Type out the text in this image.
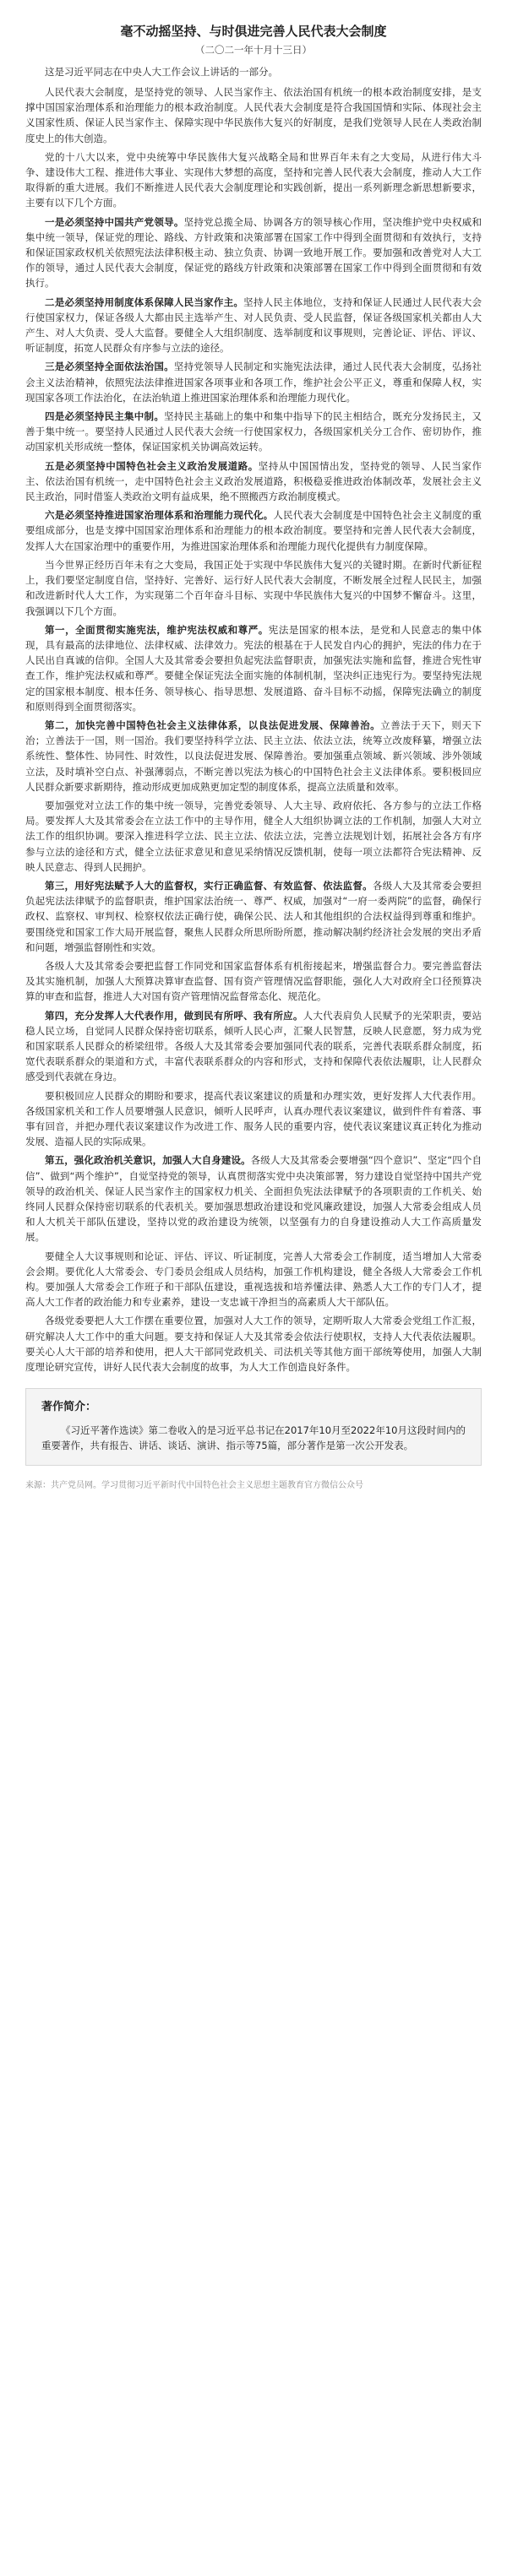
毫不动摇坚持、与时俱进完善人民代表大会制度
（二〇二一年十月十三日）

这是习近平同志在中央人大工作会议上讲话的一部分。

人民代表大会制度，是坚持党的领导、人民当家作主、依法治国有机统一的根本政治制度安排，是支撑中国国家治理体系和治理能力的根本政治制度。人民代表大会制度是符合我国国情和实际、体现社会主义国家性质、保证人民当家作主、保障实现中华民族伟大复兴的好制度，是我们党领导人民在人类政治制度史上的伟大创造。

党的十八大以来，党中央统筹中华民族伟大复兴战略全局和世界百年未有之大变局，从进行伟大斗争、建设伟大工程、推进伟大事业、实现伟大梦想的高度，坚持和完善人民代表大会制度，推动人大工作取得新的重大进展。我们不断推进人民代表大会制度理论和实践创新，提出一系列新理念新思想新要求，主要有以下几个方面。

一是必须坚持中国共产党领导。坚持党总揽全局、协调各方的领导核心作用，坚决维护党中央权威和集中统一领导，保证党的理论、路线、方针政策和决策部署在国家工作中得到全面贯彻和有效执行，支持和保证国家政权机关依照宪法法律积极主动、独立负责、协调一致地开展工作。要加强和改善党对人大工作的领导，通过人民代表大会制度，保证党的路线方针政策和决策部署在国家工作中得到全面贯彻和有效执行。

二是必须坚持用制度体系保障人民当家作主。坚持人民主体地位，支持和保证人民通过人民代表大会行使国家权力，保证各级人大都由民主选举产生、对人民负责、受人民监督，保证各级国家机关都由人大产生、对人大负责、受人大监督。要健全人大组织制度、选举制度和议事规则，完善论证、评估、评议、听证制度，拓宽人民群众有序参与立法的途径。

三是必须坚持全面依法治国。坚持党领导人民制定和实施宪法法律，通过人民代表大会制度，弘扬社会主义法治精神，依照宪法法律推进国家各项事业和各项工作，维护社会公平正义，尊重和保障人权，实现国家各项工作法治化，在法治轨道上推进国家治理体系和治理能力现代化。

四是必须坚持民主集中制。坚持民主基础上的集中和集中指导下的民主相结合，既充分发扬民主，又善于集中统一。要坚持人民通过人民代表大会统一行使国家权力，各级国家机关分工合作、密切协作，推动国家机关形成统一整体，保证国家机关协调高效运转。

五是必须坚持中国特色社会主义政治发展道路。坚持从中国国情出发，坚持党的领导、人民当家作主、依法治国有机统一，走中国特色社会主义政治发展道路，积极稳妥推进政治体制改革，发展社会主义民主政治，同时借鉴人类政治文明有益成果，绝不照搬西方政治制度模式。

六是必须坚持推进国家治理体系和治理能力现代化。人民代表大会制度是中国特色社会主义制度的重要组成部分，也是支撑中国国家治理体系和治理能力的根本政治制度。要坚持和完善人民代表大会制度，发挥人大在国家治理中的重要作用，为推进国家治理体系和治理能力现代化提供有力制度保障。

当今世界正经历百年未有之大变局，我国正处于实现中华民族伟大复兴的关键时期。在新时代新征程上，我们要坚定制度自信，坚持好、完善好、运行好人民代表大会制度，不断发展全过程人民民主，加强和改进新时代人大工作，为实现第二个百年奋斗目标、实现中华民族伟大复兴的中国梦不懈奋斗。这里，我强调以下几个方面。

第一，全面贯彻实施宪法，维护宪法权威和尊严。宪法是国家的根本法，是党和人民意志的集中体现，具有最高的法律地位、法律权威、法律效力。宪法的根基在于人民发自内心的拥护，宪法的伟力在于人民出自真诚的信仰。全国人大及其常委会要担负起宪法监督职责，加强宪法实施和监督，推进合宪性审查工作，维护宪法权威和尊严。要健全保证宪法全面实施的体制机制，坚决纠正违宪行为。要坚持宪法规定的国家根本制度、根本任务、领导核心、指导思想、发展道路、奋斗目标不动摇，保障宪法确立的制度和原则得到全面贯彻落实。

第二，加快完善中国特色社会主义法律体系，以良法促进发展、保障善治。立善法于天下，则天下治；立善法于一国，则一国治。我们要坚持科学立法、民主立法、依法立法，统筹立改废释纂，增强立法系统性、整体性、协同性、时效性，以良法促进发展、保障善治。要加强重点领域、新兴领域、涉外领域立法，及时填补空白点、补强薄弱点，不断完善以宪法为核心的中国特色社会主义法律体系。要积极回应人民群众新要求新期待，推动形成更加成熟更加定型的制度体系，提高立法质量和效率。

要加强党对立法工作的集中统一领导，完善党委领导、人大主导、政府依托、各方参与的立法工作格局。要发挥人大及其常委会在立法工作中的主导作用，健全人大组织协调立法的工作机制，加强人大对立法工作的组织协调。要深入推进科学立法、民主立法、依法立法，完善立法规划计划，拓展社会各方有序参与立法的途径和方式，健全立法征求意见和意见采纳情况反馈机制，使每一项立法都符合宪法精神、反映人民意志、得到人民拥护。

第三，用好宪法赋予人大的监督权，实行正确监督、有效监督、依法监督。各级人大及其常委会要担负起宪法法律赋予的监督职责，维护国家法治统一、尊严、权威，加强对“一府一委两院”的监督，确保行政权、监察权、审判权、检察权依法正确行使，确保公民、法人和其他组织的合法权益得到尊重和维护。要围绕党和国家工作大局开展监督，聚焦人民群众所思所盼所愿，推动解决制约经济社会发展的突出矛盾和问题，增强监督刚性和实效。

各级人大及其常委会要把监督工作同党和国家监督体系有机衔接起来，增强监督合力。要完善监督法及其实施机制，加强人大预算决算审查监督、国有资产管理情况监督职能，强化人大对政府全口径预算决算的审查和监督，推进人大对国有资产管理情况监督常态化、规范化。

第四，充分发挥人大代表作用，做到民有所呼、我有所应。人大代表肩负人民赋予的光荣职责，要站稳人民立场，自觉同人民群众保持密切联系，倾听人民心声，汇聚人民智慧，反映人民意愿，努力成为党和国家联系人民群众的桥梁纽带。各级人大及其常委会要加强同代表的联系，完善代表联系群众制度，拓宽代表联系群众的渠道和方式，丰富代表联系群众的内容和形式，支持和保障代表依法履职，让人民群众感受到代表就在身边。

要积极回应人民群众的期盼和要求，提高代表议案建议的质量和办理实效，更好发挥人大代表作用。各级国家机关和工作人员要增强人民意识，倾听人民呼声，认真办理代表议案建议，做到件件有着落、事事有回音，并把办理代表议案建议作为改进工作、服务人民的重要内容，使代表议案建议真正转化为推动发展、造福人民的实际成果。

第五，强化政治机关意识，加强人大自身建设。各级人大及其常委会要增强“四个意识”、坚定“四个自信”、做到“两个维护”，自觉坚持党的领导，认真贯彻落实党中央决策部署，努力建设自觉坚持中国共产党领导的政治机关、保证人民当家作主的国家权力机关、全面担负宪法法律赋予的各项职责的工作机关、始终同人民群众保持密切联系的代表机关。要加强思想政治建设和党风廉政建设，加强人大常委会组成人员和人大机关干部队伍建设，坚持以党的政治建设为统领，以坚强有力的自身建设推动人大工作高质量发展。

要健全人大议事规则和论证、评估、评议、听证制度，完善人大常委会工作制度，适当增加人大常委会会期。要优化人大常委会、专门委员会组成人员结构，加强工作机构建设，健全各级人大常委会工作机构。要加强人大常委会工作班子和干部队伍建设，重视选拔和培养懂法律、熟悉人大工作的专门人才，提高人大工作者的政治能力和专业素养，建设一支忠诚干净担当的高素质人大干部队伍。

各级党委要把人大工作摆在重要位置，加强对人大工作的领导，定期听取人大常委会党组工作汇报，研究解决人大工作中的重大问题。要支持和保证人大及其常委会依法行使职权，支持人大代表依法履职。要关心人大干部的培养和使用，把人大干部同党政机关、司法机关等其他方面干部统筹使用，加强人大制度理论研究宣传，讲好人民代表大会制度的故事，为人大工作创造良好条件。

著作简介：

《习近平著作选读》第二卷收入的是习近平总书记在2017年10月至2022年10月这段时间内的重要著作，共有报告、讲话、谈话、演讲、指示等75篇，部分著作是第一次公开发表。

来源：共产党员网。学习贯彻习近平新时代中国特色社会主义思想主题教育官方微信公众号
